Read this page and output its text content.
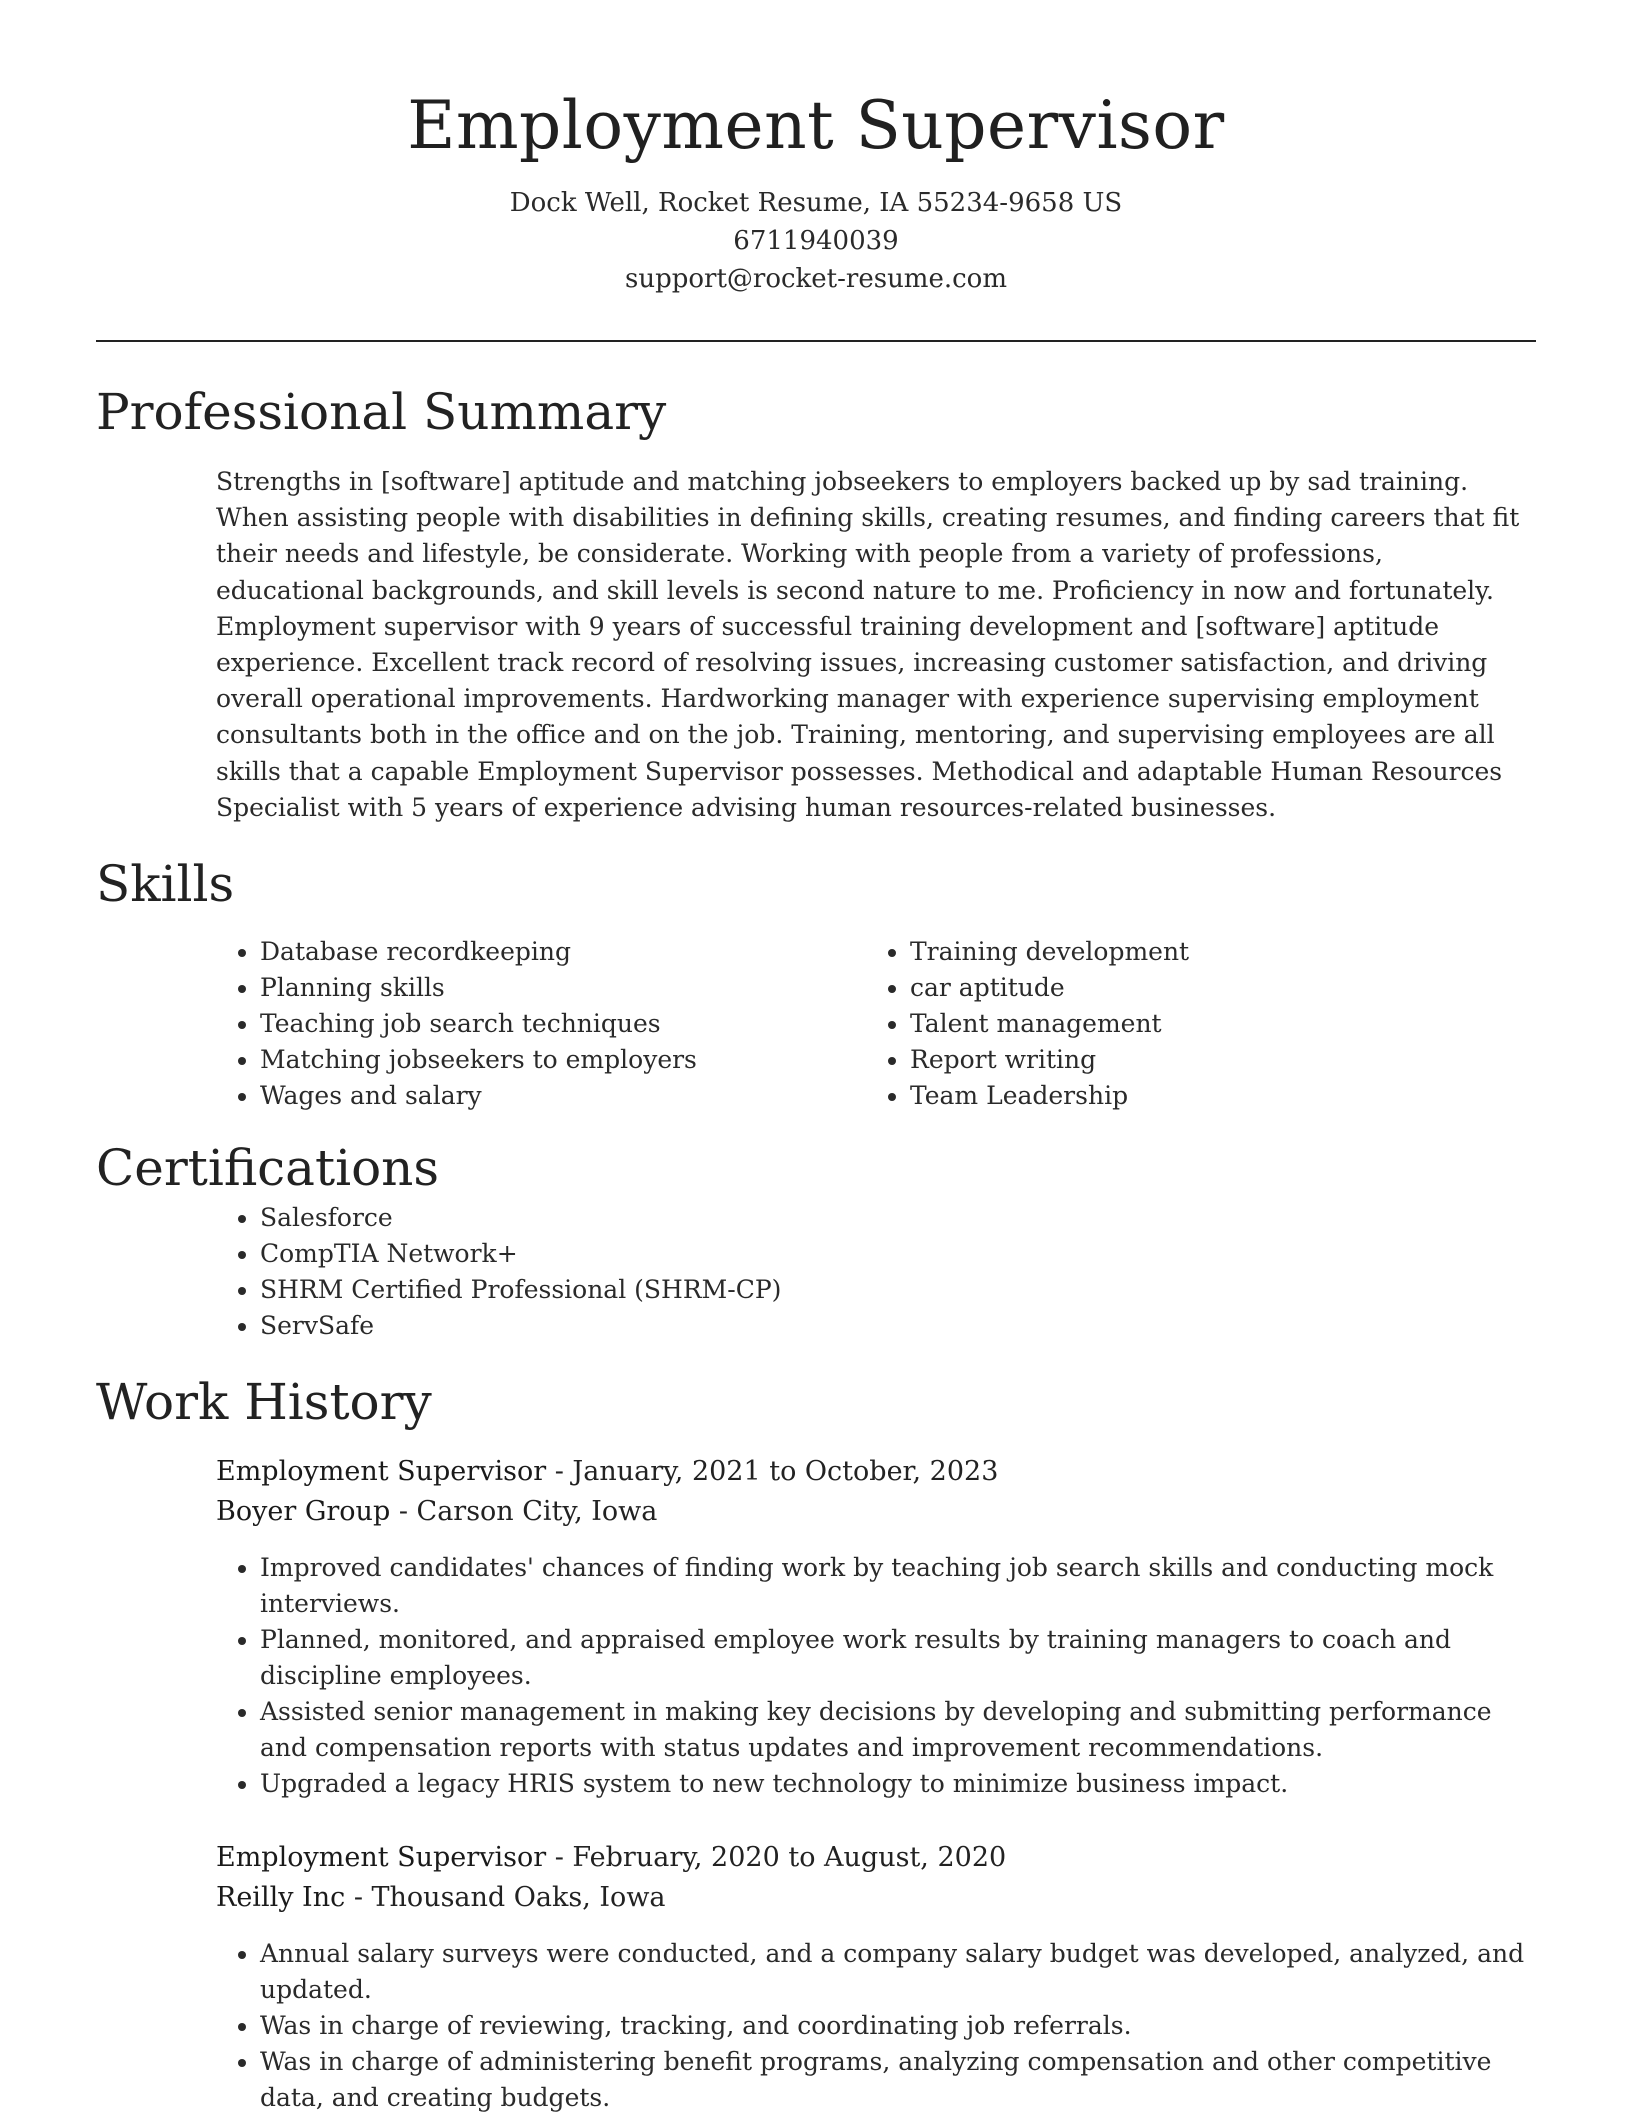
Employment Supervisor
Dock Well, Rocket Resume, IA 55234-9658 US
6711940039
support@rocket-resume.com
Professional Summary

Strengths in [software] aptitude and matching jobseekers to employers backed up by sad training. When assisting people with disabilities in defining skills, creating resumes, and finding careers that fit their needs and lifestyle, be considerate. Working with people from a variety of professions, educational backgrounds, and skill levels is second nature to me. Proficiency in now and fortunately. Employment supervisor with 9 years of successful training development and [software] aptitude experience. Excellent track record of resolving issues, increasing customer satisfaction, and driving overall operational improvements. Hardworking manager with experience supervising employment consultants both in the office and on the job. Training, mentoring, and supervising employees are all skills that a capable Employment Supervisor possesses. Methodical and adaptable Human Resources Specialist with 5 years of experience advising human resources-related businesses.

Skills
• Database recordkeeping
• Planning skills
• Teaching job search techniques
• Matching jobseekers to employers
• Wages and salary
• Training development
• car aptitude
• Talent management
• Report writing
• Team Leadership
Certifications
• Salesforce
• CompTIA Network+
• SHRM Certified Professional (SHRM-CP)
• ServSafe
Work History
Employment Supervisor - January, 2021 to October, 2023
Boyer Group - Carson City, Iowa
• Improved candidates' chances of finding work by teaching job search skills and conducting mock interviews.
• Planned, monitored, and appraised employee work results by training managers to coach and discipline employees.
• Assisted senior management in making key decisions by developing and submitting performance and compensation reports with status updates and improvement recommendations.
• Upgraded a legacy HRIS system to new technology to minimize business impact.
Employment Supervisor - February, 2020 to August, 2020
Reilly Inc - Thousand Oaks, Iowa
• Annual salary surveys were conducted, and a company salary budget was developed, analyzed, and updated.
• Was in charge of reviewing, tracking, and coordinating job referrals.
• Was in charge of administering benefit programs, analyzing compensation and other competitive data, and creating budgets.
